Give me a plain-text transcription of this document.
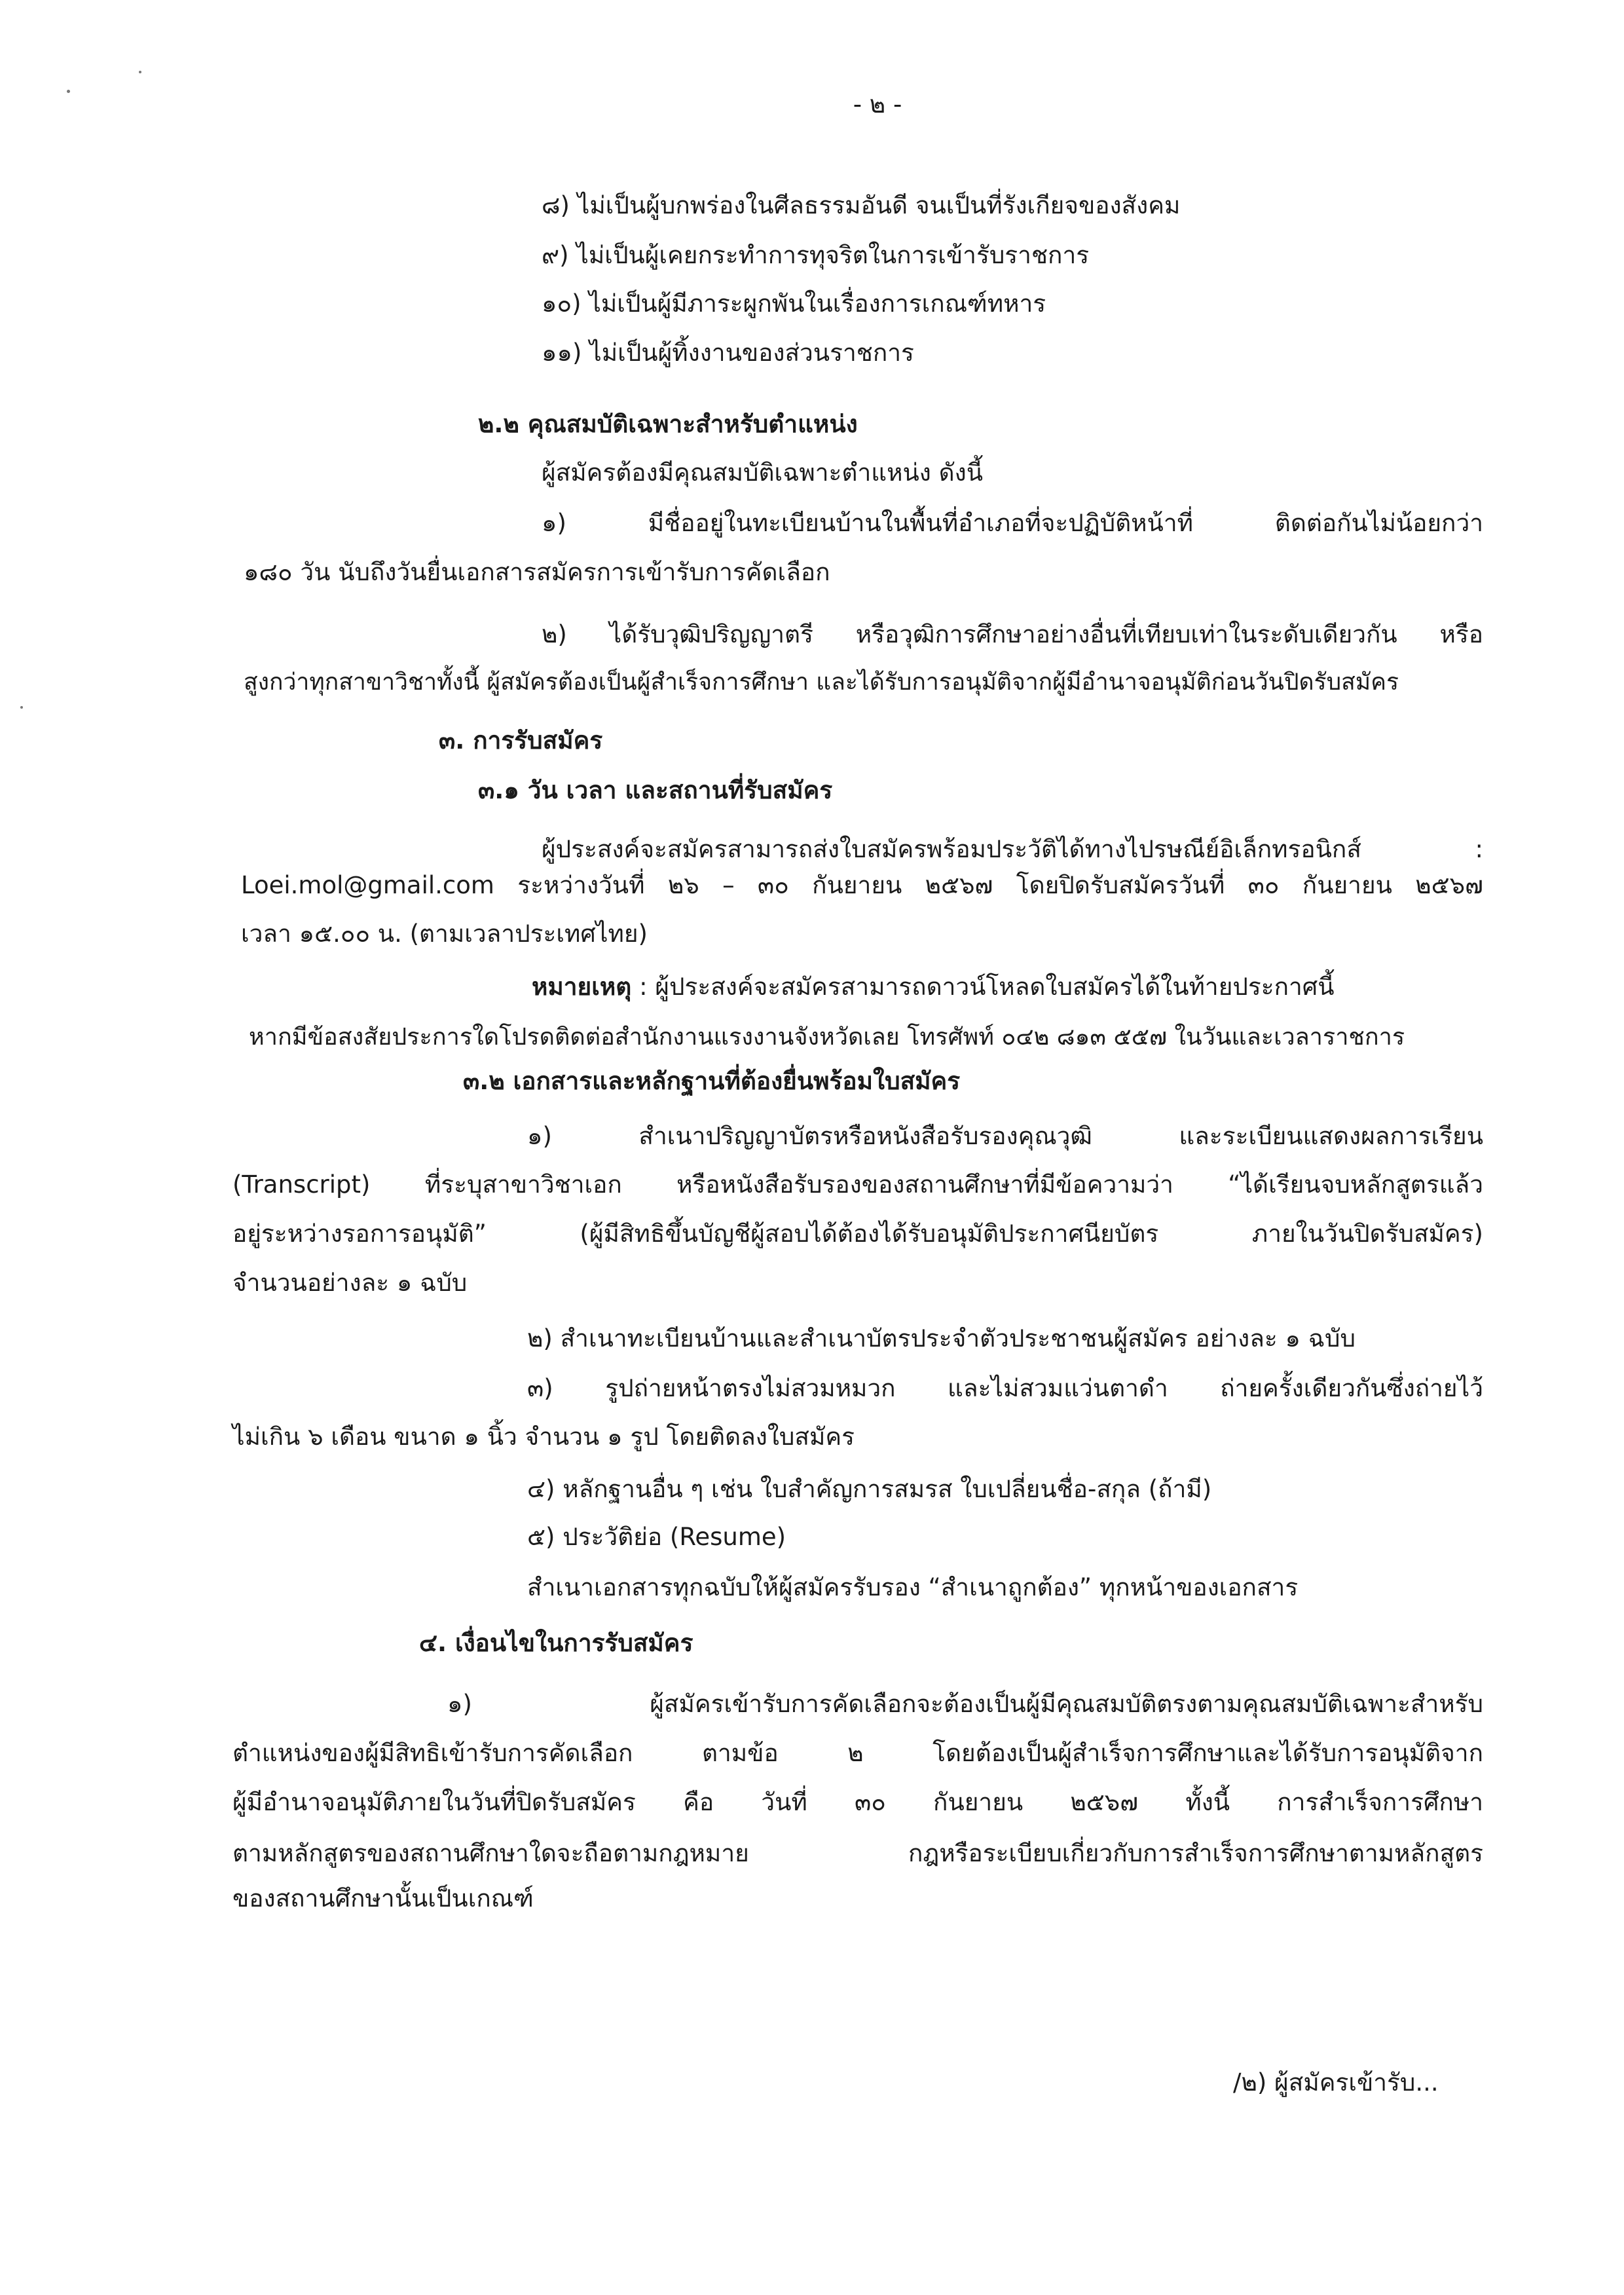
- ๒ -
๘) ไม่เป็นผู้บกพร่องในศีลธรรมอันดี จนเป็นที่รังเกียจของสังคม
๙) ไม่เป็นผู้เคยกระทำการทุจริตในการเข้ารับราชการ
๑๐) ไม่เป็นผู้มีภาระผูกพันในเรื่องการเกณฑ์ทหาร
๑๑) ไม่เป็นผู้ทิ้งงานของส่วนราชการ
๒.๒ คุณสมบัติเฉพาะสำหรับตำแหน่ง
ผู้สมัครต้องมีคุณสมบัติเฉพาะตำแหน่ง ดังนี้
๑) มีชื่ออยู่ในทะเบียนบ้านในพื้นที่อำเภอที่จะปฏิบัติหน้าที่ ติดต่อกันไม่น้อยกว่า
๑๘๐ วัน นับถึงวันยื่นเอกสารสมัครการเข้ารับการคัดเลือก
๒) ได้รับวุฒิปริญญาตรี หรือวุฒิการศึกษาอย่างอื่นที่เทียบเท่าในระดับเดียวกัน หรือ
สูงกว่าทุกสาขาวิชาทั้งนี้ ผู้สมัครต้องเป็นผู้สำเร็จการศึกษา และได้รับการอนุมัติจากผู้มีอำนาจอนุมัติก่อนวันปิดรับสมัคร
๓. การรับสมัคร
๓.๑ วัน เวลา และสถานที่รับสมัคร
ผู้ประสงค์จะสมัครสามารถส่งใบสมัครพร้อมประวัติได้ทางไปรษณีย์อิเล็กทรอนิกส์ :
Loei.mol@gmail.com ระหว่างวันที่ ๒๖ – ๓๐ กันยายน ๒๕๖๗ โดยปิดรับสมัครวันที่ ๓๐ กันยายน ๒๕๖๗
เวลา ๑๕.๐๐ น. (ตามเวลาประเทศไทย)
หมายเหตุ : ผู้ประสงค์จะสมัครสามารถดาวน์โหลดใบสมัครได้ในท้ายประกาศนี้
หากมีข้อสงสัยประการใดโปรดติดต่อสำนักงานแรงงานจังหวัดเลย โทรศัพท์ ๐๔๒ ๘๑๓ ๕๕๗ ในวันและเวลาราชการ
๓.๒ เอกสารและหลักฐานที่ต้องยื่นพร้อมใบสมัคร
๑) สำเนาปริญญาบัตรหรือหนังสือรับรองคุณวุฒิ และระเบียนแสดงผลการเรียน
(Transcript) ที่ระบุสาขาวิชาเอก หรือหนังสือรับรองของสถานศึกษาที่มีข้อความว่า “ได้เรียนจบหลักสูตรแล้ว
อยู่ระหว่างรอการอนุมัติ” (ผู้มีสิทธิขึ้นบัญชีผู้สอบได้ต้องได้รับอนุมัติประกาศนียบัตร ภายในวันปิดรับสมัคร)
จำนวนอย่างละ ๑ ฉบับ
๒) สำเนาทะเบียนบ้านและสำเนาบัตรประจำตัวประชาชนผู้สมัคร อย่างละ ๑ ฉบับ
๓) รูปถ่ายหน้าตรงไม่สวมหมวก และไม่สวมแว่นตาดำ ถ่ายครั้งเดียวกันซึ่งถ่ายไว้
ไม่เกิน ๖ เดือน ขนาด ๑ นิ้ว จำนวน ๑ รูป โดยติดลงใบสมัคร
๔) หลักฐานอื่น ๆ เช่น ใบสำคัญการสมรส ใบเปลี่ยนชื่อ-สกุล (ถ้ามี)
๕) ประวัติย่อ (Resume)
สำเนาเอกสารทุกฉบับให้ผู้สมัครรับรอง “สำเนาถูกต้อง” ทุกหน้าของเอกสาร
๔. เงื่อนไขในการรับสมัคร
๑) ผู้สมัครเข้ารับการคัดเลือกจะต้องเป็นผู้มีคุณสมบัติตรงตามคุณสมบัติเฉพาะสำหรับ
ตำแหน่งของผู้มีสิทธิเข้ารับการคัดเลือก ตามข้อ ๒ โดยต้องเป็นผู้สำเร็จการศึกษาและได้รับการอนุมัติจาก
ผู้มีอำนาจอนุมัติภายในวันที่ปิดรับสมัคร คือ วันที่ ๓๐ กันยายน ๒๕๖๗ ทั้งนี้ การสำเร็จการศึกษา
ตามหลักสูตรของสถานศึกษาใดจะถือตามกฎหมาย กฎหรือระเบียบเกี่ยวกับการสำเร็จการศึกษาตามหลักสูตร
ของสถานศึกษานั้นเป็นเกณฑ์
/๒) ผู้สมัครเข้ารับ...
